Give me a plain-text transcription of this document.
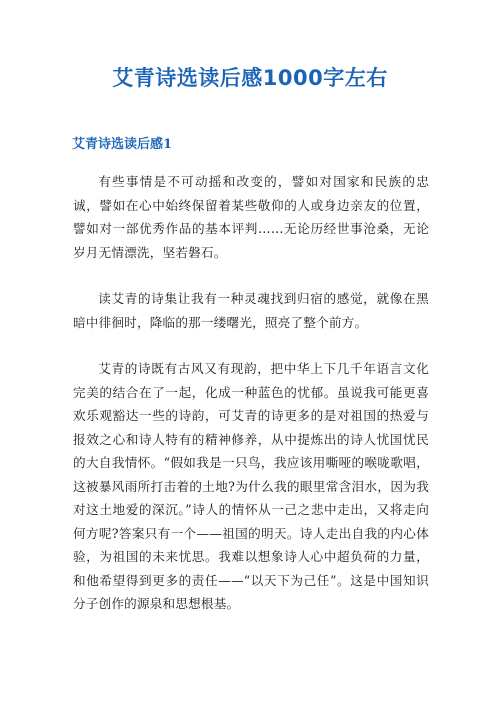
艾青诗选读后感1000字左右
艾青诗选读后感1

有些事情是不可动摇和改变的，譬如对国家和民族的忠诚，譬如在心中始终保留着某些敬仰的人或身边亲友的位置，譬如对一部优秀作品的基本评判……无论历经世事沧桑，无论岁月无情漂洗，坚若磐石。

读艾青的诗集让我有一种灵魂找到归宿的感觉，就像在黑暗中徘徊时，降临的那一缕曙光，照亮了整个前方。

艾青的诗既有古风又有现韵，把中华上下几千年语言文化完美的结合在了一起，化成一种蓝色的忧郁。虽说我可能更喜欢乐观豁达一些的诗韵，可艾青的诗更多的是对祖国的热爱与报效之心和诗人特有的精神修养，从中提炼出的诗人忧国忧民的大自我情怀。“假如我是一只鸟，我应该用嘶哑的喉咙歌唱，这被暴风雨所打击着的土地?为什么我的眼里常含泪水，因为我对这土地爱的深沉。”诗人的情怀从一己之悲中走出，又将走向何方呢?答案只有一个——祖国的明天。诗人走出自我的内心体验，为祖国的未来忧思。我难以想象诗人心中超负荷的力量，和他希望得到更多的责任——“以天下为己任”。这是中国知识分子创作的源泉和思想根基。
